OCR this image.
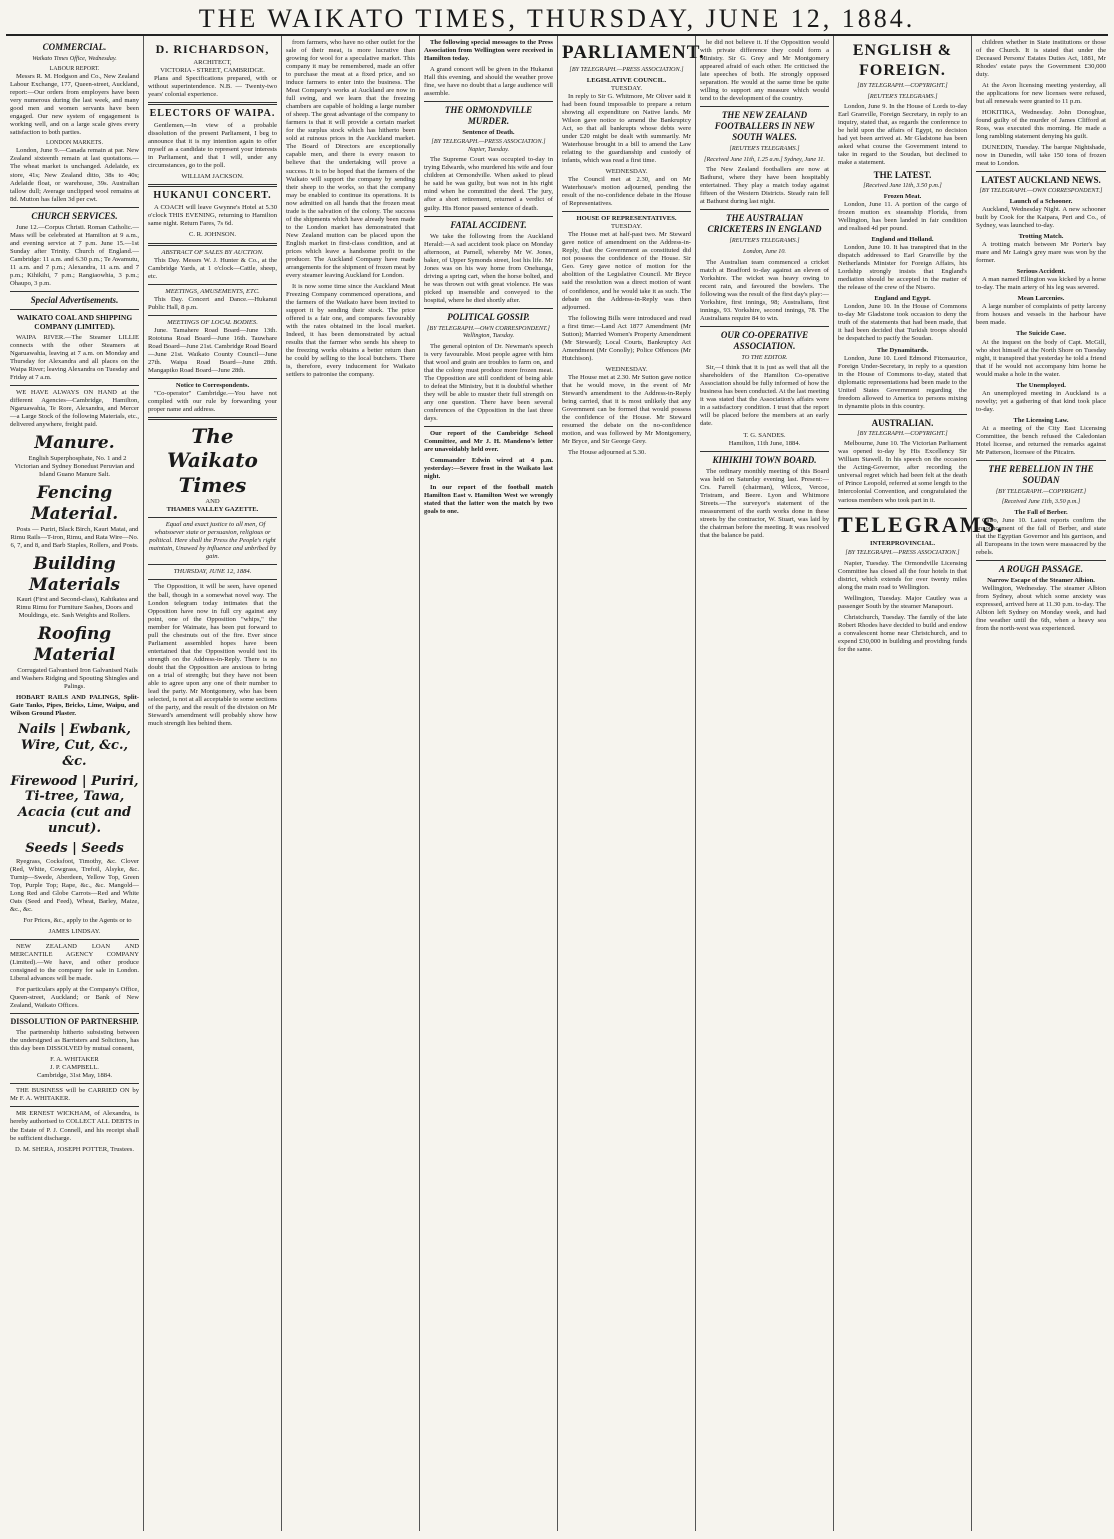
THE WAIKATO TIMES, THURSDAY, JUNE 12, 1884.
COMMERCIAL.
Waikato Times Office, Wednesday.
LABOUR REPORT.

Messrs R. M. Hodgson and Co., New Zealand Labour Exchange, 177, Queen-street, Auckland, report:—Our orders from employers have been very numerous during the last week, and many good men and women servants have been engaged. Our new system of engagement is working well, and on a large scale gives every satisfaction to both parties.

LONDON MARKETS.

London, June 9.—Canada remain at par. New Zealand sixteenth remain at last quotations.—The wheat market is unchanged. Adelaide, ex store, 41s; New Zealand ditto, 38s to 40s; Adelaide float, or warehouse, 39s. Australian tallow dull; Average unclipped wool remains at 8d. Mutton has fallen 3d per cwt.

CHURCH SERVICES.

June 12.—Corpus Christi. Roman Catholic.—Mass will be celebrated at Hamilton at 9 a.m., and evening service at 7 p.m. June 15.—1st Sunday after Trinity. Church of England.—Cambridge: 11 a.m. and 6.30 p.m.; Te Awamutu, 11 a.m. and 7 p.m.; Alexandra, 11 a.m. and 7 p.m.; Kihikihi, 7 p.m.; Rangiaowhia, 3 p.m.; Ohaupo, 3 p.m.

Special Advertisements.
WAIKATO COAL AND SHIPPING COMPANY (LIMITED).

WAIPA RIVER.—The Steamer LILLIE connects with the other Steamers at Ngaruawahia, leaving at 7 a.m. on Monday and Thursday for Alexandra and all places on the Waipa River; leaving Alexandra on Tuesday and Friday at 7 a.m.

WE HAVE ALWAYS ON HAND at the different Agencies—Cambridge, Hamilton, Ngaruawahia, Te Rore, Alexandra, and Mercer—a Large Stock of the following Materials, etc., delivered anywhere, freight paid.

Manure.

English Superphosphate, No. 1 and 2 Victorian and Sydney Bonedust Peruvian and Island Guano Manure Salt.

Fencing Material.

Posts — Puriri, Black Birch, Kauri Matai, and Rimu Rails—T-iron, Rimu, and Rata Wire—No. 6, 7, and 8, and Barb Staples, Rollers, and Posts.

Building Materials

Kauri (First and Second-class), Kahikatea and Rimu Rimu for Furniture Sashes, Doors and Mouldings, etc. Sash Weights and Rollers.

Roofing Material

Corrugated Galvanised Iron Galvanised Nails and Washers Ridging and Spouting Shingles and Palings.

HOBART RAILS AND PALINGS, Split-Gate Tanks, Pipes, Bricks, Lime, Waipu, and Wilson Ground Plaster.

Nails | Ewbank, Wire, Cut, &c., &c.
Firewood | Puriri, Ti-tree, Tawa, Acacia (cut and uncut).
Seeds | Seeds

Ryegrass, Cocksfoot, Timothy, &c. Clover (Red, White, Cowgrass, Trefoil, Alsyke, &c. Turnip—Swede, Aberdeen, Yellow Top, Green Top, Purple Top; Rape, &c., &c. Mangold—Long Red and Globe Carrots—Red and White Oats (Seed and Feed), Wheat, Barley, Maize, &c., &c.

For Prices, &c., apply to the Agents or to

JAMES LINDSAY.

NEW ZEALAND LOAN AND MERCANTILE AGENCY COMPANY (Limited).—We have, and other produce consigned to the company for sale in London. Liberal advances will be made.

For particulars apply at the Company's Office, Queen-street, Auckland; or Bank of New Zealand, Waikato Offices.

DISSOLUTION OF PARTNERSHIP.

The partnership hitherto subsisting between the undersigned as Barristers and Solicitors, has this day been DISSOLVED by mutual consent,

F. A. WHITAKER
J. P. CAMPBELL.
Cambridge, 31st May, 1884.

THE BUSINESS will be CARRIED ON by Mr F. A. WHITAKER.

MR ERNEST WICKHAM, of Alexandra, is hereby authorised to COLLECT ALL DEBTS in the Estate of P. J. Connell, and his receipt shall be sufficient discharge.

D. M. SHERA, JOSEPH POTTER, Trustees.
D. RICHARDSON,
ARCHITECT,
VICTORIA - STREET, CAMBRIDGE.

Plans and Specifications prepared, with or without superintendence. N.B. — Twenty-two years' colonial experience.

ELECTORS OF WAIPA.

Gentlemen,—In view of a probable dissolution of the present Parliament, I beg to announce that it is my intention again to offer myself as a candidate to represent your interests in Parliament, and that I will, under any circumstances, go to the poll.

WILLIAM JACKSON.
HUKANUI CONCERT.

A COACH will leave Gwynne's Hotel at 5.30 o'clock THIS EVENING, returning to Hamilton same night. Return Fares, 7s 6d.

C. R. JOHNSON.
ABSTRACT OF SALES BY AUCTION.

This Day. Messrs W. J. Hunter & Co., at the Cambridge Yards, at 1 o'clock—Cattle, sheep, etc.

MEETINGS, AMUSEMENTS, ETC.

This Day. Concert and Dance.—Hukanui Public Hall, 8 p.m.

MEETINGS OF LOCAL BODIES.

June. Tamahere Road Board—June 13th. Rototuna Road Board—June 16th. Tauwhare Road Board—June 21st. Cambridge Road Board—June 21st. Waikato County Council—June 27th. Waipa Road Board—June 28th. Mangapiko Road Board—June 28th.

Notice to Correspondents.

"Co-operator" Cambridge.—You have not complied with our rule by forwarding your proper name and address.

The Waikato Times
AND
THAMES VALLEY GAZETTE.

Equal and exact justice to all men, Of whatsoever state or persuasion, religious or political. Here shall the Press the People's right maintain, Unawed by influence and unbribed by gain.

THURSDAY, JUNE 12, 1884.

The Opposition, it will be seen, have opened the ball, though in a somewhat novel way. The London telegram today intimates that the Opposition have now in full cry against any point, one of the Opposition "whips," the member for Waimate, has been put forward to pull the chestnuts out of the fire. Ever since Parliament assembled hopes have been entertained that the Opposition would test its strength on the Address-in-Reply. There is no doubt that the Opposition are anxious to bring on a trial of strength; but they have not been able to agree upon any one of their number to lead the party. Mr Montgomery, who has been selected, is not at all acceptable to some sections of the party, and the result of the division on Mr Steward's amendment will probably show how much strength lies behind them.

from farmers, who have no other outlet for the sale of their meat, is more lucrative than growing for wool for a speculative market. This company it may be remembered, made an offer to purchase the meat at a fixed price, and so induce farmers to enter into the business. The Meat Company's works at Auckland are now in full swing, and we learn that the freezing chambers are capable of holding a large number of sheep. The great advantage of the company to farmers is that it will provide a certain market for the surplus stock which has hitherto been sold at ruinous prices in the Auckland market. The Board of Directors are exceptionally capable men, and there is every reason to believe that the undertaking will prove a success. It is to be hoped that the farmers of the Waikato will support the company by sending their sheep to the works, so that the company may be enabled to continue its operations. It is now admitted on all hands that the frozen meat trade is the salvation of the colony. The success of the shipments which have already been made to the London market has demonstrated that New Zealand mutton can be placed upon the English market in first-class condition, and at prices which leave a handsome profit to the producer. The Auckland Company have made arrangements for the shipment of frozen meat by every steamer leaving Auckland for London.

It is now some time since the Auckland Meat Freezing Company commenced operations, and the farmers of the Waikato have been invited to support it by sending their stock. The price offered is a fair one, and compares favourably with the rates obtained in the local market. Indeed, it has been demonstrated by actual results that the farmer who sends his sheep to the freezing works obtains a better return than he could by selling to the local butchers. There is, therefore, every inducement for Waikato settlers to patronise the company.

The following special messages to the Press Association from Wellington were received in Hamilton today.

A grand concert will be given in the Hukanui Hall this evening, and should the weather prove fine, we have no doubt that a large audience will assemble.

THE ORMONDVILLE MURDER.
Sentence of Death.
[BY TELEGRAPH.—PRESS ASSOCIATION.] Napier, Tuesday.

The Supreme Court was occupied to-day in trying Edwards, who murdered his wife and four children at Ormondville. When asked to plead he said he was guilty, but was not in his right mind when he committed the deed. The jury, after a short retirement, returned a verdict of guilty. His Honor passed sentence of death.

FATAL ACCIDENT.

We take the following from the Auckland Herald:—A sad accident took place on Monday afternoon, at Parnell, whereby Mr W. Jones, baker, of Upper Symonds street, lost his life. Mr Jones was on his way home from Onehunga, driving a spring cart, when the horse bolted, and he was thrown out with great violence. He was picked up insensible and conveyed to the hospital, where he died shortly after.

POLITICAL GOSSIP.
[BY TELEGRAPH.—OWN CORRESPONDENT.] Wellington, Tuesday.

The general opinion of Dr. Newman's speech is very favourable. Most people agree with him that wool and grain are troubles to farm on, and that the colony must produce more frozen meat. The Opposition are still confident of being able to defeat the Ministry, but it is doubtful whether they will be able to muster their full strength on any one question. There have been several conferences of the Opposition in the last three days.

Our report of the Cambridge School Committee, and Mr J. H. Mandeno's letter are unavoidably held over.

Commander Edwin wired at 4 p.m. yesterday:—Severe frost in the Waikato last night.

In our report of the football match Hamilton East v. Hamilton West we wrongly stated that the latter won the match by two goals to one.

PARLIAMENT.
[BY TELEGRAPH.—PRESS ASSOCIATION.]
LEGISLATIVE COUNCIL.
TUESDAY.

In reply to Sir G. Whitmore, Mr Oliver said it had been found impossible to prepare a return showing all expenditure on Native lands. Mr Wilson gave notice to amend the Bankruptcy Act, so that all bankrupts whose debts were under £20 might be dealt with summarily. Mr Waterhouse brought in a bill to amend the Law relating to the guardianship and custody of infants, which was read a first time.

WEDNESDAY.

The Council met at 2.30, and on Mr Waterhouse's motion adjourned, pending the result of the no-confidence debate in the House of Representatives.

HOUSE OF REPRESENTATIVES.
TUESDAY.

The House met at half-past two. Mr Steward gave notice of amendment on the Address-in-Reply, that the Government as constituted did not possess the confidence of the House. Sir Geo. Grey gave notice of motion for the abolition of the Legislative Council. Mr Bryce said the resolution was a direct motion of want of confidence, and he would take it as such. The debate on the Address-in-Reply was then adjourned.

The following Bills were introduced and read a first time:—Land Act 1877 Amendment (Mr Sutton); Married Women's Property Amendment (Mr Steward); Local Courts, Bankruptcy Act Amendment (Mr Conolly); Police Offences (Mr Hutchison).

WEDNESDAY.

The House met at 2.30. Mr Sutton gave notice that he would move, in the event of Mr Steward's amendment to the Address-in-Reply being carried, that it is most unlikely that any Government can be formed that would possess the confidence of the House. Mr Steward resumed the debate on the no-confidence motion, and was followed by Mr Montgomery, Mr Bryce, and Sir George Grey.

The House adjourned at 5.30.

he did not believe it. If the Opposition would with private difference they could form a Ministry. Sir G. Grey and Mr Montgomery appeared afraid of each other. He criticised the late speeches of both. He strongly opposed separation. He would at the same time be quite willing to support any measure which would tend to the development of the country.

THE NEW ZEALAND FOOTBALLERS IN NEW SOUTH WALES.
[REUTER'S TELEGRAMS.]
[Received June 11th, 1.25 a.m.] Sydney, June 11.

The New Zealand footballers are now at Bathurst, where they have been hospitably entertained. They play a match today against fifteen of the Western Districts. Steady rain fell at Bathurst during last night.

THE AUSTRALIAN CRICKETERS IN ENGLAND
[REUTER'S TELEGRAMS.]
London, June 10.

The Australian team commenced a cricket match at Bradford to-day against an eleven of Yorkshire. The wicket was heavy owing to recent rain, and favoured the bowlers. The following was the result of the first day's play:—Yorkshire, first innings, 98; Australians, first innings, 93. Yorkshire, second innings, 78. The Australians require 84 to win.

OUR CO-OPERATIVE ASSOCIATION.
TO THE EDITOR.

Sir,—I think that it is just as well that all the shareholders of the Hamilton Co-operative Association should be fully informed of how the business has been conducted. At the last meeting it was stated that the Association's affairs were in a satisfactory condition. I trust that the report will be placed before the members at an early date.

T. G. SANDES.
Hamilton, 11th June, 1884.
KIHIKIHI TOWN BOARD.

The ordinary monthly meeting of this Board was held on Saturday evening last. Present:—Crs. Farrell (chairman), Wilcox, Vercoe, Tristram, and Beere. Lyon and Whitmore Streets.—The surveyor's statement of the measurement of the earth works done in these streets by the contractor, W. Stuart, was laid by the chairman before the meeting. It was resolved that the balance be paid.

ENGLISH & FOREIGN.
[BY TELEGRAPH.—COPYRIGHT.]
[REUTER'S TELEGRAMS.]

London, June 9. In the House of Lords to-day Earl Granville, Foreign Secretary, in reply to an inquiry, stated that, as regards the conference to be held upon the affairs of Egypt, no decision had yet been arrived at. Mr Gladstone has been asked what course the Government intend to take in regard to the Soudan, but declined to make a statement.

THE LATEST.
[Received June 11th, 3.50 p.m.]
Frozen Meat.

London, June 11. A portion of the cargo of frozen mutton ex steamship Florida, from Wellington, has been landed in fair condition and realised 4d per pound.

England and Holland.

London, June 10. It has transpired that in the dispatch addressed to Earl Granville by the Netherlands Minister for Foreign Affairs, his Lordship strongly insists that England's mediation should be accepted in the matter of the release of the crew of the Nisero.

England and Egypt.

London, June 10. In the House of Commons to-day Mr Gladstone took occasion to deny the truth of the statements that had been made, that it had been decided that Turkish troops should be despatched to pacify the Soudan.

The Dynamitards.

London, June 10. Lord Edmond Fitzmaurice, Foreign Under-Secretary, in reply to a question in the House of Commons to-day, stated that diplomatic representations had been made to the United States Government regarding the freedom allowed to America to persons mixing in dynamite plots in this country.

AUSTRALIAN.
[BY TELEGRAPH.—COPYRIGHT.]

Melbourne, June 10. The Victorian Parliament was opened to-day by His Excellency Sir William Stawell. In his speech on the occasion the Acting-Governor, after recording the universal regret which had been felt at the death of Prince Leopold, referred at some length to the Intercolonial Convention, and congratulated the various members who took part in it.

TELEGRAMS.
INTERPROVINCIAL.
[BY TELEGRAPH.—PRESS ASSOCIATION.]

Napier, Tuesday. The Ormondville Licensing Committee has closed all the four hotels in that district, which extends for over twenty miles along the main road to Wellington.

Wellington, Tuesday. Major Cautley was a passenger South by the steamer Manapouri.

Christchurch, Tuesday. The family of the late Robert Rhodes have decided to build and endow a convalescent home near Christchurch, and to expend £30,000 in building and providing funds for the same.

children whether in State institutions or those of the Church. It is stated that under the Deceased Persons' Estates Duties Act, 1881, Mr Rhodes' estate pays the Government £30,000 duty.

At the Avon licensing meeting yesterday, all the applications for new licenses were refused, but all renewals were granted to 11 p.m.

HOKITIKA, Wednesday. John Donoghue, found guilty of the murder of James Clifford at Ross, was executed this morning. He made a long rambling statement denying his guilt.

DUNEDIN, Tuesday. The barque Nightshade, now in Dunedin, will take 150 tons of frozen meat to London.

LATEST AUCKLAND NEWS.
[BY TELEGRAPH.—OWN CORRESPONDENT.]
Launch of a Schooner.

Auckland, Wednesday Night. A new schooner built by Cook for the Kaipara, Peri and Co., of Sydney, was launched to-day.

Trotting Match.

A trotting match between Mr Porter's bay mare and Mr Laing's grey mare was won by the former.

Serious Accident.

A man named Ellington was kicked by a horse to-day. The main artery of his leg was severed.

Mean Larcenies.

A large number of complaints of petty larceny from houses and vessels in the harbour have been made.

The Suicide Case.

At the inquest on the body of Capt. McGill, who shot himself at the North Shore on Tuesday night, it transpired that yesterday he told a friend that if he would not accompany him home he would make a hole in the water.

The Unemployed.

An unemployed meeting in Auckland is a novelty; yet a gathering of that kind took place to-day.

The Licensing Law.

At a meeting of the City East Licensing Committee, the bench refused the Caledonian Hotel license, and returned the remarks against Mr Patterson, licensee of the Pitcairn.

THE REBELLION IN THE SOUDAN
[BY TELEGRAPH.—COPYRIGHT.]
[Received June 11th, 3.50 p.m.]
The Fall of Berber.

Cairo, June 10. Latest reports confirm the announcement of the fall of Berber, and state that the Egyptian Governor and his garrison, and all Europeans in the town were massacred by the rebels.

A ROUGH PASSAGE.
Narrow Escape of the Steamer Albion.

Wellington, Wednesday. The steamer Albion from Sydney, about which some anxiety was expressed, arrived here at 11.30 p.m. to-day. The Albion left Sydney on Monday week, and had fine weather until the 6th, when a heavy sea from the north-west was experienced.
